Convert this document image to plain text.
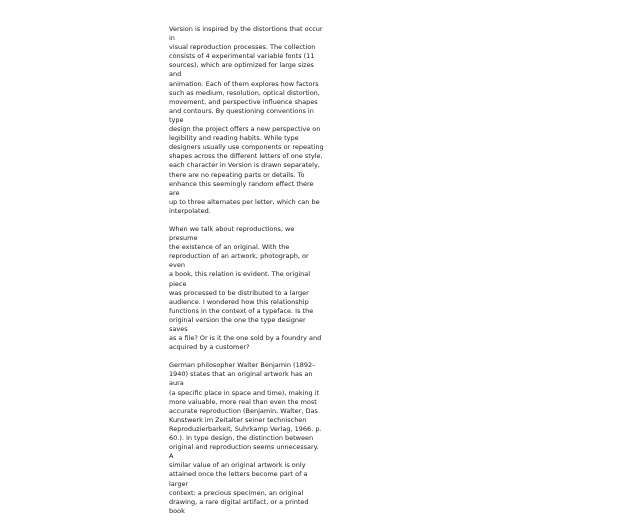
Version is inspired by the distortions that occur in
visual reproduction processes. The collection
consists of 4 experimental variable fonts (11
sources), which are optimized for large sizes and
animation. Each of them explores how factors
such as medium, resolution, optical distortion,
movement, and perspective influence shapes
and contours. By questioning conventions in type
design the project offers a new perspective on
legibility and reading habits. While type
designers usually use components or repeating
shapes across the different letters of one style,
each character in Version is drawn separately,
there are no repeating parts or details. To
enhance this seemingly random effect there are
up to three alternates per letter, which can be
interpolated.

When we talk about reproductions, we presume
the existence of an original. With the
reproduction of an artwork, photograph, or even
a book, this relation is evident. The original piece
was processed to be distributed to a larger
audience. I wondered how this relationship
functions in the context of a typeface. Is the
original version the one the type designer saves
as a file? Or is it the one sold by a foundry and
acquired by a customer?

German philosopher Walter Benjamin (1892–
1940) states that an original artwork has an aura
(a specific place in space and time), making it
more valuable, more real than even the most
accurate reproduction (Benjamin, Walter, Das
Kunstwerk im Zeitalter seiner technischen
Reproduzierbarkeit, Suhrkamp Verlag, 1966. p.
60.). In type design, the distinction between
original and reproduction seems unnecessary. A
similar value of an original artwork is only
attained once the letters become part of a larger
context: a precious specimen, an original
drawing, a rare digital artifact, or a printed book
